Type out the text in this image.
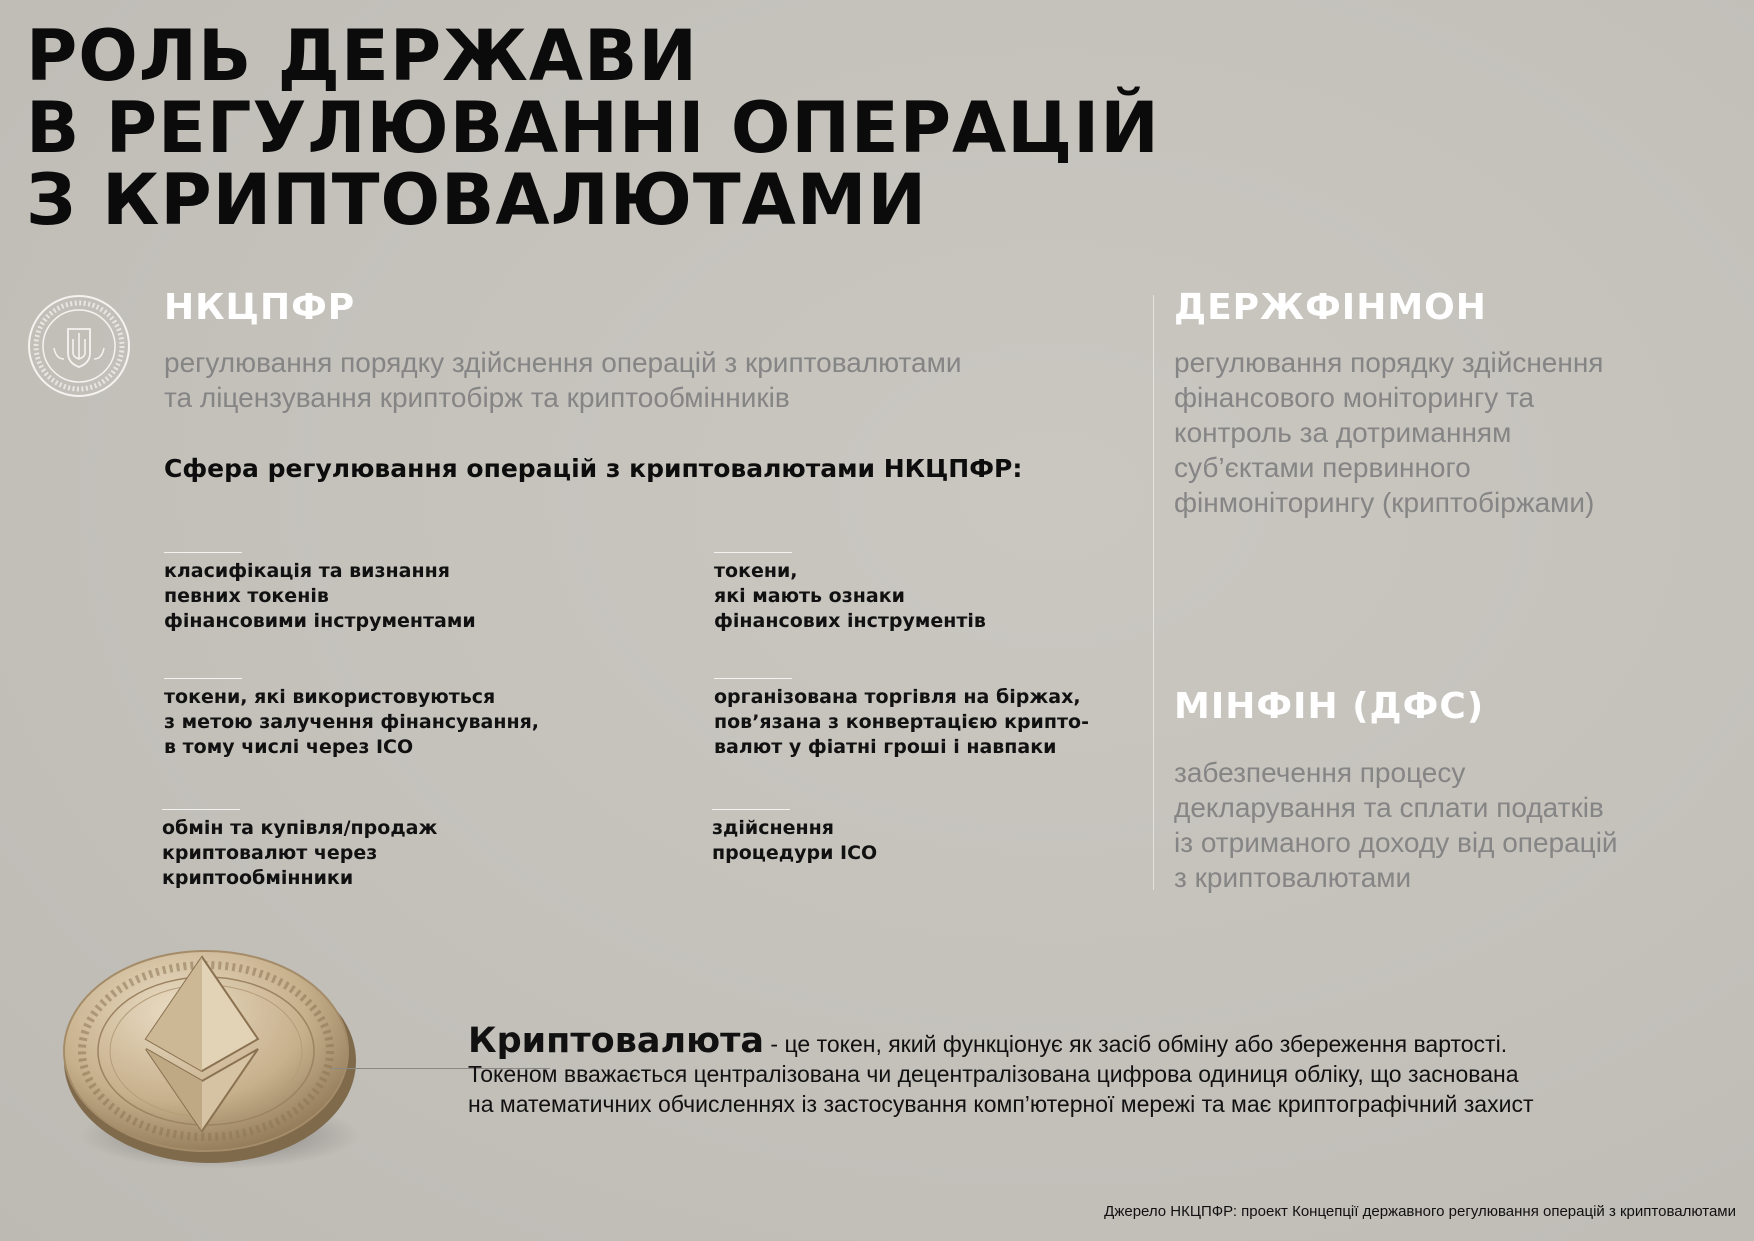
РОЛЬ ДЕРЖАВИ
В РЕГУЛЮВАННІ ОПЕРАЦІЙ
З КРИПТОВАЛЮТАМИ
НКЦПФР

регулювання порядку здійснення операцій з криптовалютами
та ліцензування криптобірж та криптообмінників

Сфера регулювання операцій з криптовалютами НКЦПФР:
класифікація та визнання
певних токенів
фінансовими інструментами
токени,
які мають ознаки
фінансових інструментів
токени, які використовуються
з метою залучення фінансування,
в тому числі через ICO
організована торгівля на біржах,
пов’язана з конвертацією крипто-
валют у фіатні гроші і навпаки
обмін та купівля/продаж
криптовалют через
криптообмінники
здійснення
процедури ICO
ДЕРЖФІНМОН

регулювання порядку здійснення
фінансового моніторингу та
контроль за дотриманням
суб’єктами первинного
фінмоніторингу (криптобіржами)

МІНФІН (ДФС)

забезпечення процесу
декларування та сплати податків
із отриманого доходу від операцій
з криптовалютами

Криптовалюта - це токен, який функціонує як засіб обміну або збереження вартості.
Токеном вважається централізована чи децентралізована цифрова одиниця обліку, що заснована
на математичних обчисленнях із застосування комп’ютерної мережі та має криптографічний захист
Джерело НКЦПФР: проект Концепції державного регулювання операцій з криптовалютами
